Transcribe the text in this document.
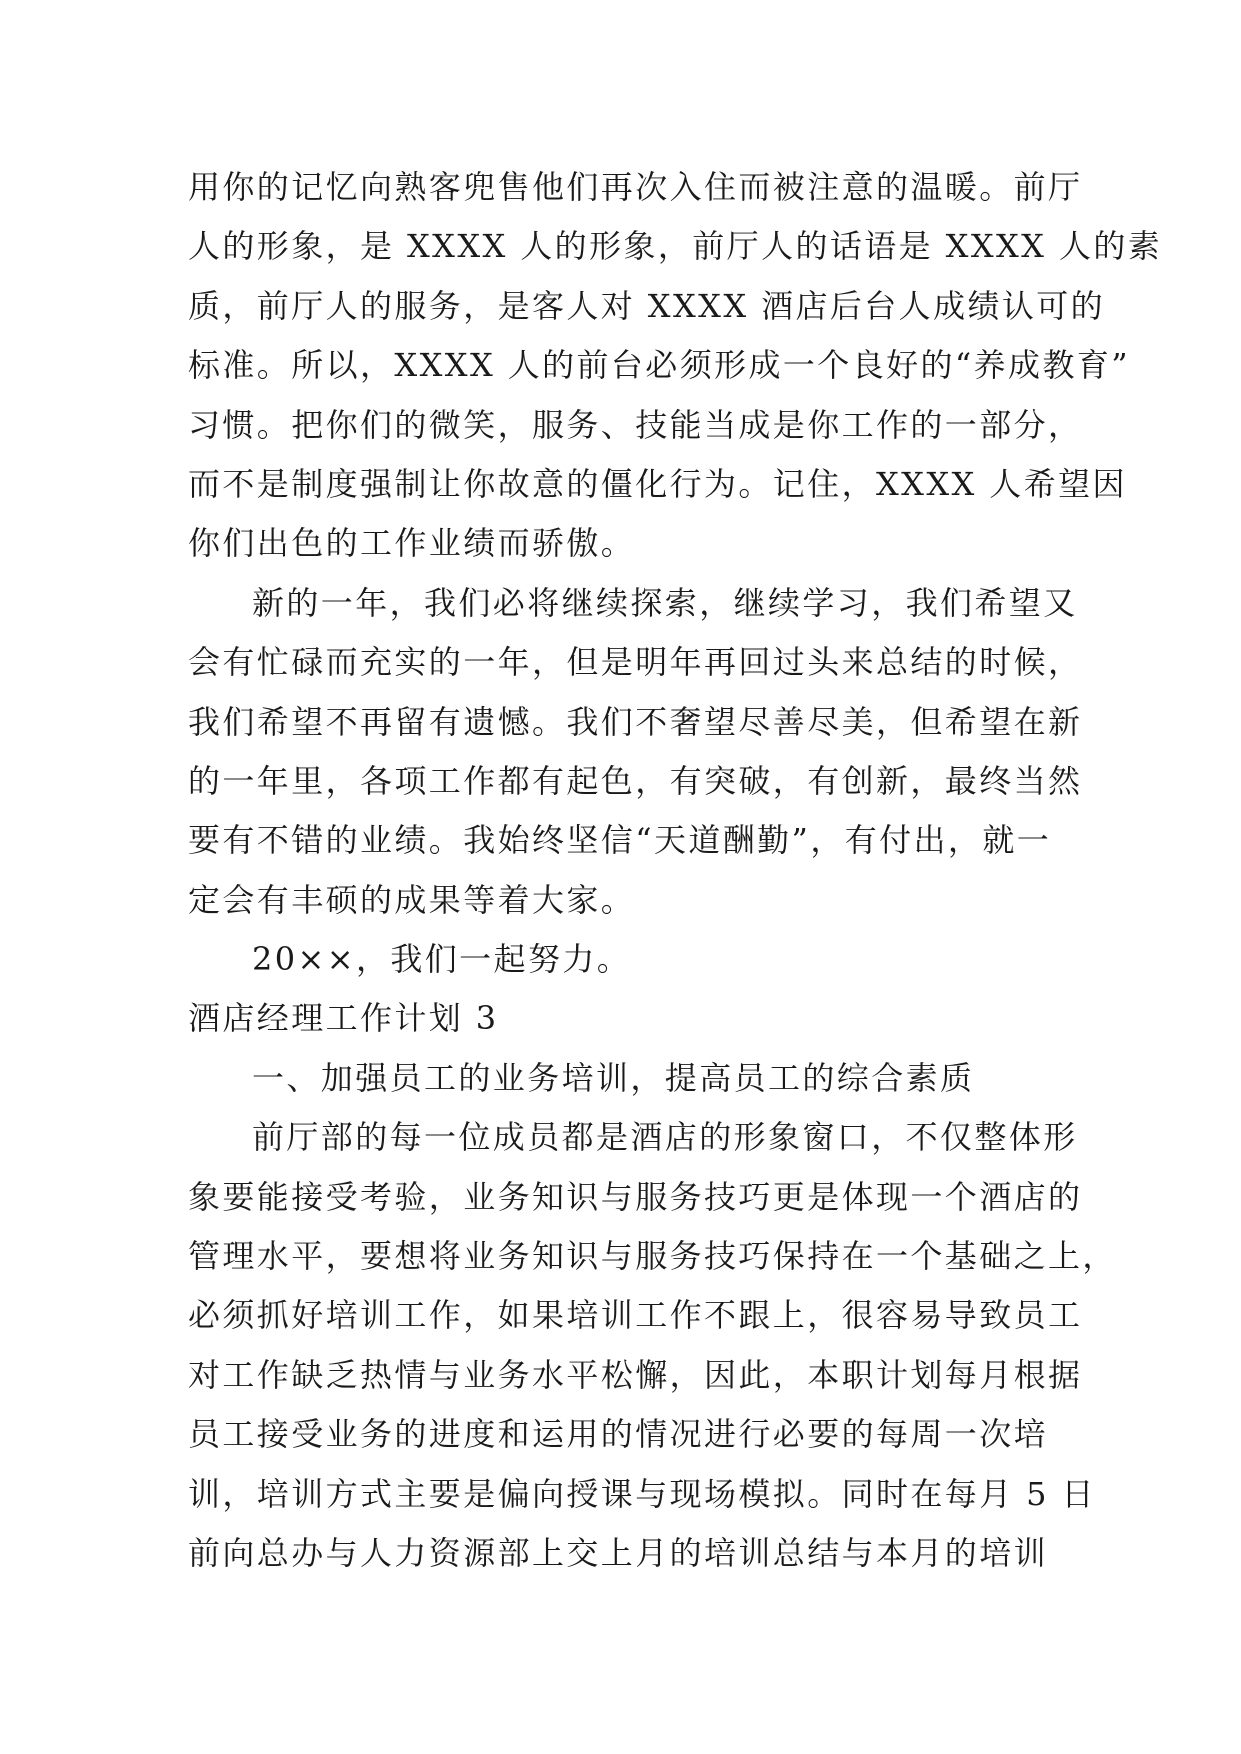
用你的记忆向熟客兜售他们再次入住而被注意的温暖。前厅
人的形象，是 XXXX 人的形象，前厅人的话语是 XXXX 人的素
质，前厅人的服务，是客人对 XXXX 酒店后台人成绩认可的
标准。所以，XXXX 人的前台必须形成一个良好的“养成教育”
习惯。把你们的微笑，服务、技能当成是你工作的一部分，
而不是制度强制让你故意的僵化行为。记住，XXXX 人希望因
你们出色的工作业绩而骄傲。
新的一年，我们必将继续探索，继续学习，我们希望又
会有忙碌而充实的一年，但是明年再回过头来总结的时候，
我们希望不再留有遗憾。我们不奢望尽善尽美，但希望在新
的一年里，各项工作都有起色，有突破，有创新，最终当然
要有不错的业绩。我始终坚信“天道酬勤”，有付出，就一
定会有丰硕的成果等着大家。
20××，我们一起努力。
酒店经理工作计划 3
一、加强员工的业务培训，提高员工的综合素质
前厅部的每一位成员都是酒店的形象窗口，不仅整体形
象要能接受考验，业务知识与服务技巧更是体现一个酒店的
管理水平，要想将业务知识与服务技巧保持在一个基础之上，
必须抓好培训工作，如果培训工作不跟上，很容易导致员工
对工作缺乏热情与业务水平松懈，因此，本职计划每月根据
员工接受业务的进度和运用的情况进行必要的每周一次培
训，培训方式主要是偏向授课与现场模拟。同时在每月 5 日
前向总办与人力资源部上交上月的培训总结与本月的培训
